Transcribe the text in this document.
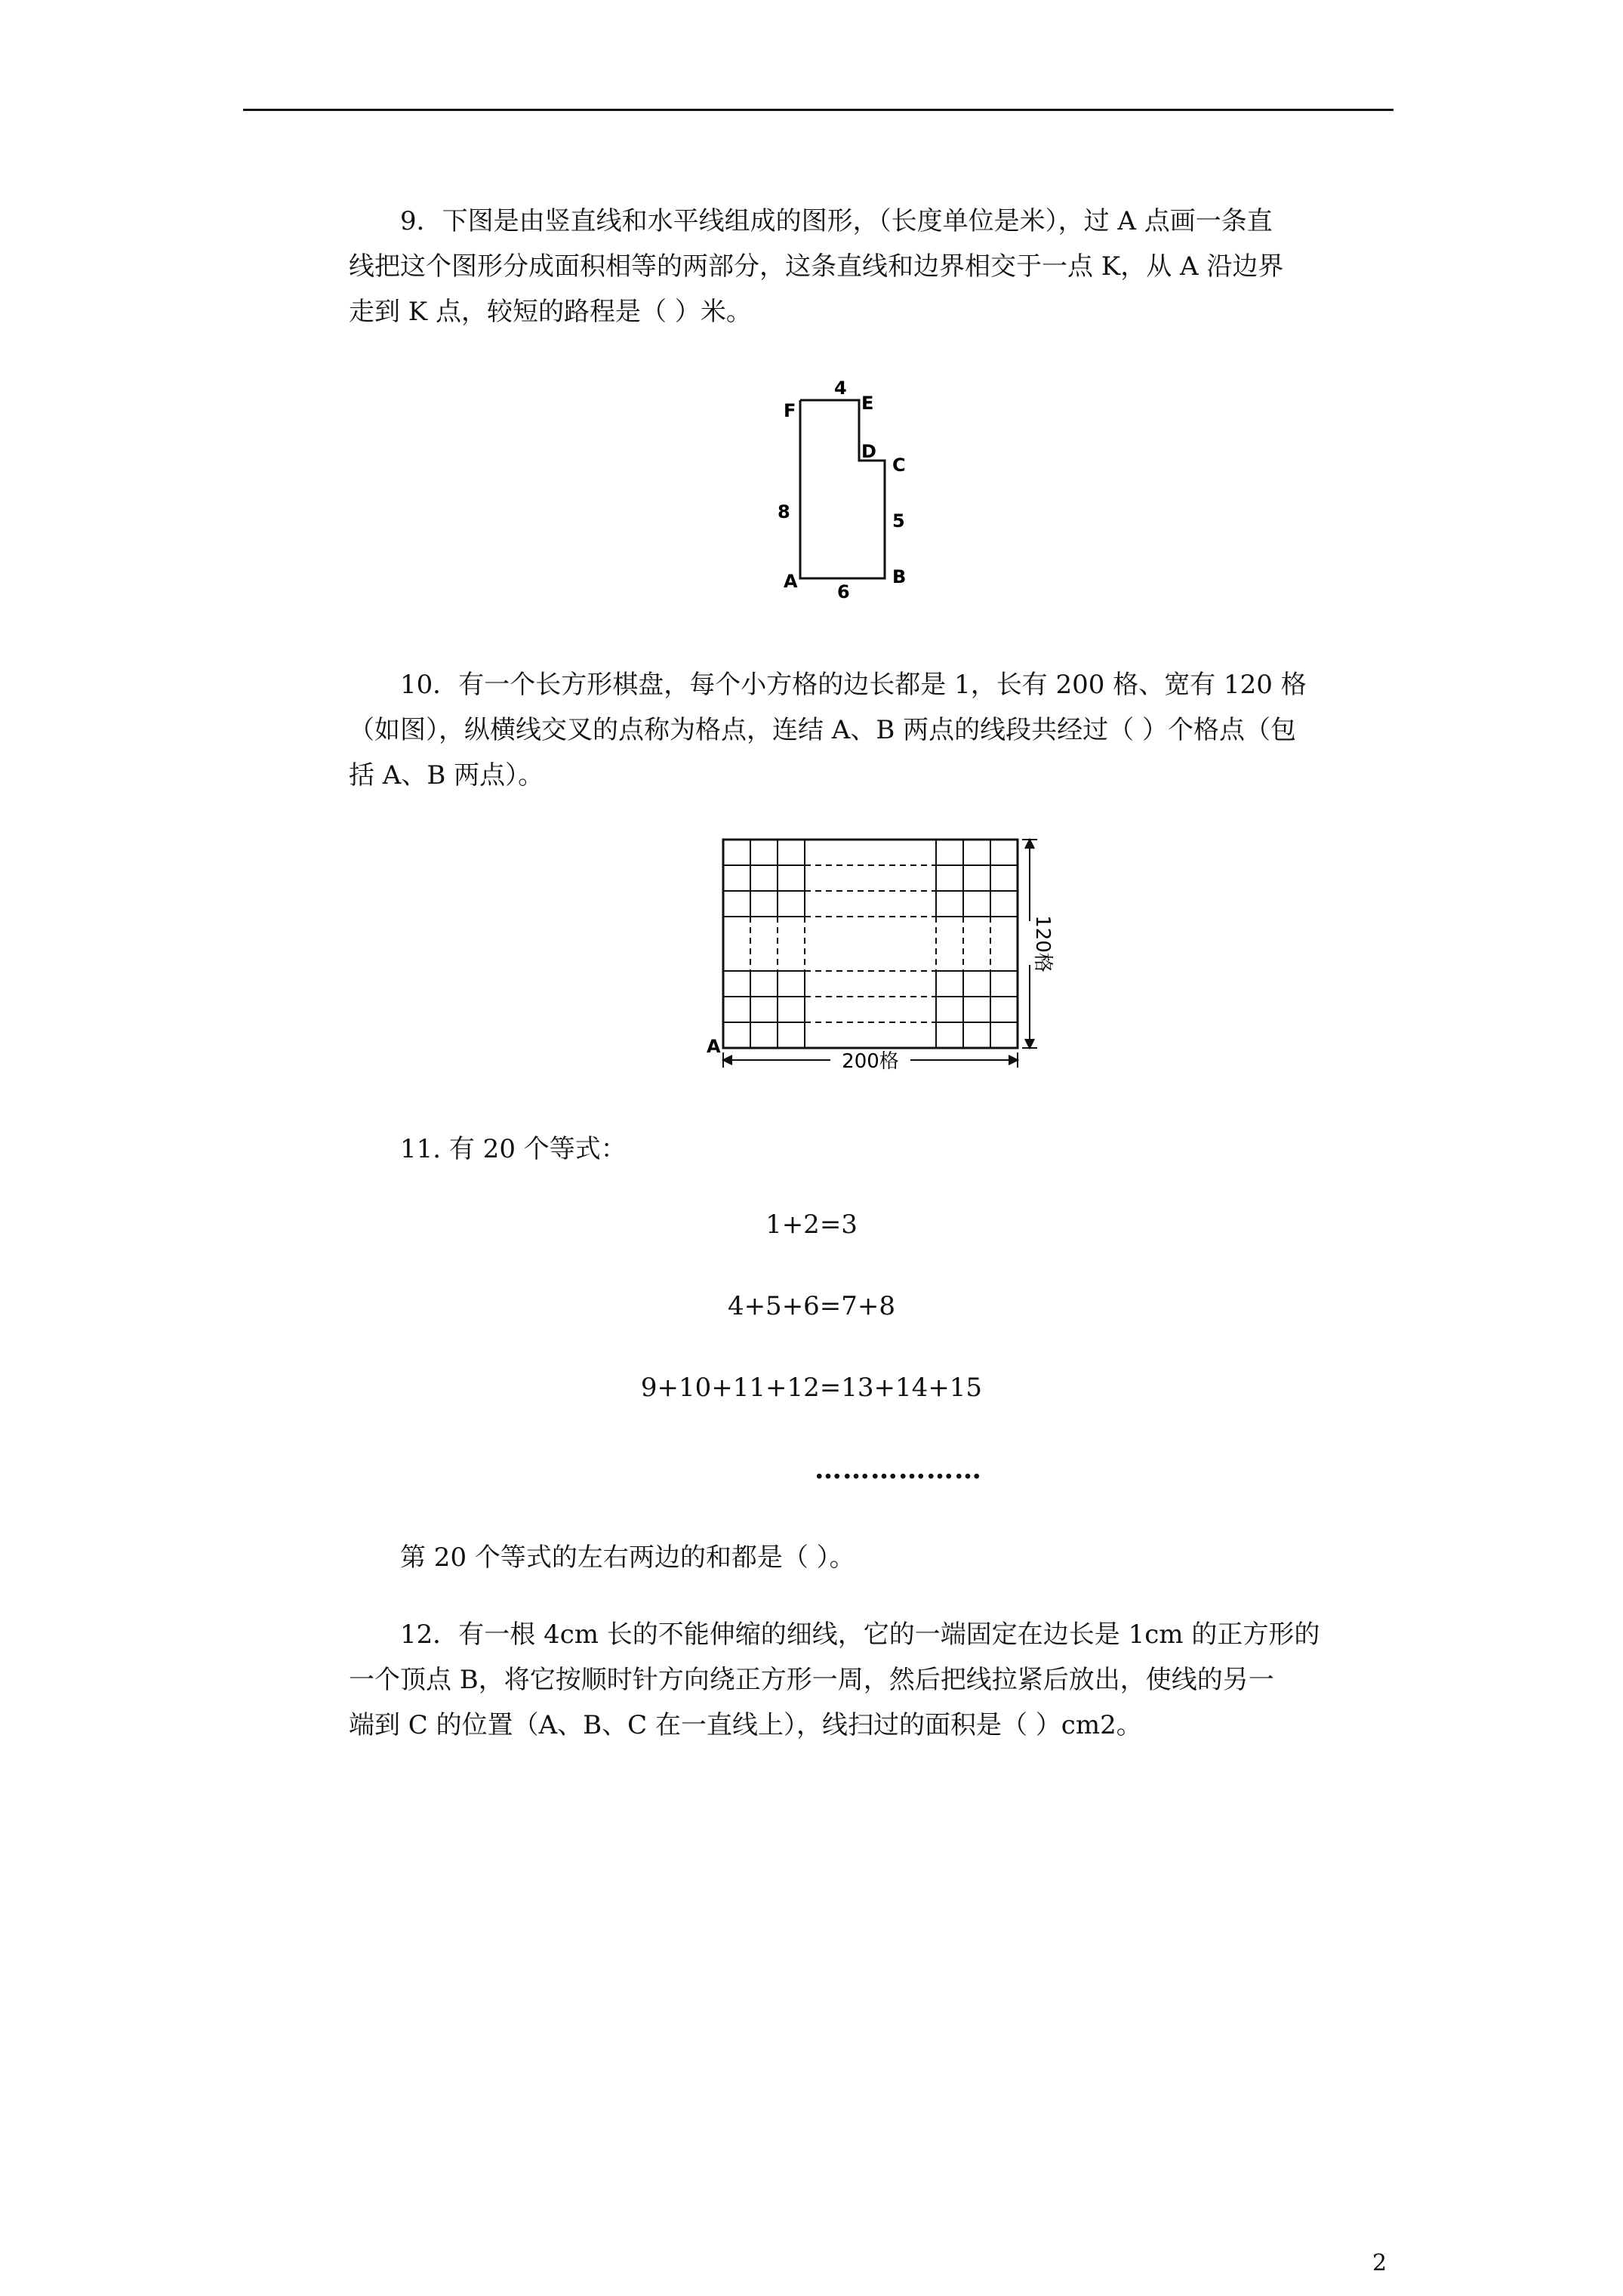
9．下图是由竖直线和水平线组成的图形，（长度单位是米），过 A 点画一条直
线把这个图形分成面积相等的两部分，这条直线和边界相交于一点 K，从 A 沿边界
走到 K 点，较短的路程是（ ）米。
F
4
E
D
C
8	5
A	B
6
10．有一个长方形棋盘，每个小方格的边长都是 1，长有 200 格、宽有 120 格
（如图），纵横线交叉的点称为格点，连结 A、B 两点的线段共经过（ ）个格点（包
括 A、B 两点）。
A
200格
120格
11. 有 20 个等式：
1+2=3
4+5+6=7+8
9+10+11+12=13+14+15
………………
第 20 个等式的左右两边的和都是（ ）。
12．有一根 4cm 长的不能伸缩的细线，它的一端固定在边长是 1cm 的正方形的
一个顶点 B，将它按顺时针方向绕正方形一周，然后把线拉紧后放出，使线的另一
端到 C 的位置（A、B、C 在一直线上），线扫过的面积是（ ）cm2。
2
